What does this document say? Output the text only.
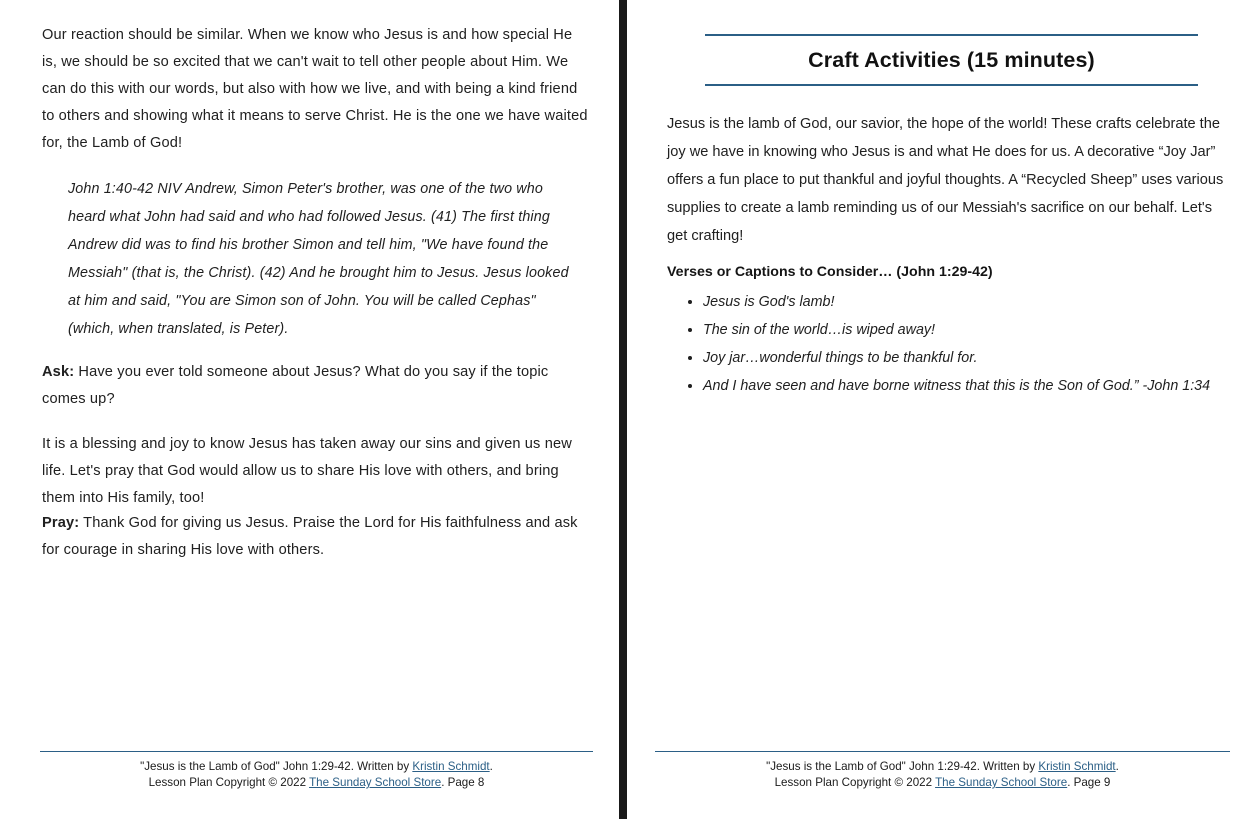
Our reaction should be similar. When we know who Jesus is and how special He is, we should be so excited that we can't wait to tell other people about Him. We can do this with our words, but also with how we live, and with being a kind friend to others and showing what it means to serve Christ. He is the one we have waited for, the Lamb of God!

John 1:40-42 NIV Andrew, Simon Peter's brother, was one of the two who heard what John had said and who had followed Jesus. (41) The first thing Andrew did was to find his brother Simon and tell him, "We have found the Messiah" (that is, the Christ). (42) And he brought him to Jesus. Jesus looked at him and said, "You are Simon son of John. You will be called Cephas" (which, when translated, is Peter).

Ask: Have you ever told someone about Jesus? What do you say if the topic comes up?

It is a blessing and joy to know Jesus has taken away our sins and given us new life. Let's pray that God would allow us to share His love with others, and bring them into His family, too!

Pray: Thank God for giving us Jesus. Praise the Lord for His faithfulness and ask for courage in sharing His love with others.

"Jesus is the Lamb of God" John 1:29-42. Written by Kristin Schmidt.
Lesson Plan Copyright © 2022 The Sunday School Store. Page 8
Craft Activities (15 minutes)
Jesus is the lamb of God, our savior, the hope of the world! These crafts celebrate the joy we have in knowing who Jesus is and what He does for us. A decorative “Joy Jar” offers a fun place to put thankful and joyful thoughts. A “Recycled Sheep” uses various supplies to create a lamb reminding us of our Messiah's sacrifice on our behalf. Let's get crafting!
Verses or Captions to Consider… (John 1:29-42)
• Jesus is God's lamb!
• The sin of the world…is wiped away!
• Joy jar…wonderful things to be thankful for.
• And I have seen and have borne witness that this is the Son of God.” -John 1:34
"Jesus is the Lamb of God" John 1:29-42. Written by Kristin Schmidt.
Lesson Plan Copyright © 2022 The Sunday School Store. Page 9
